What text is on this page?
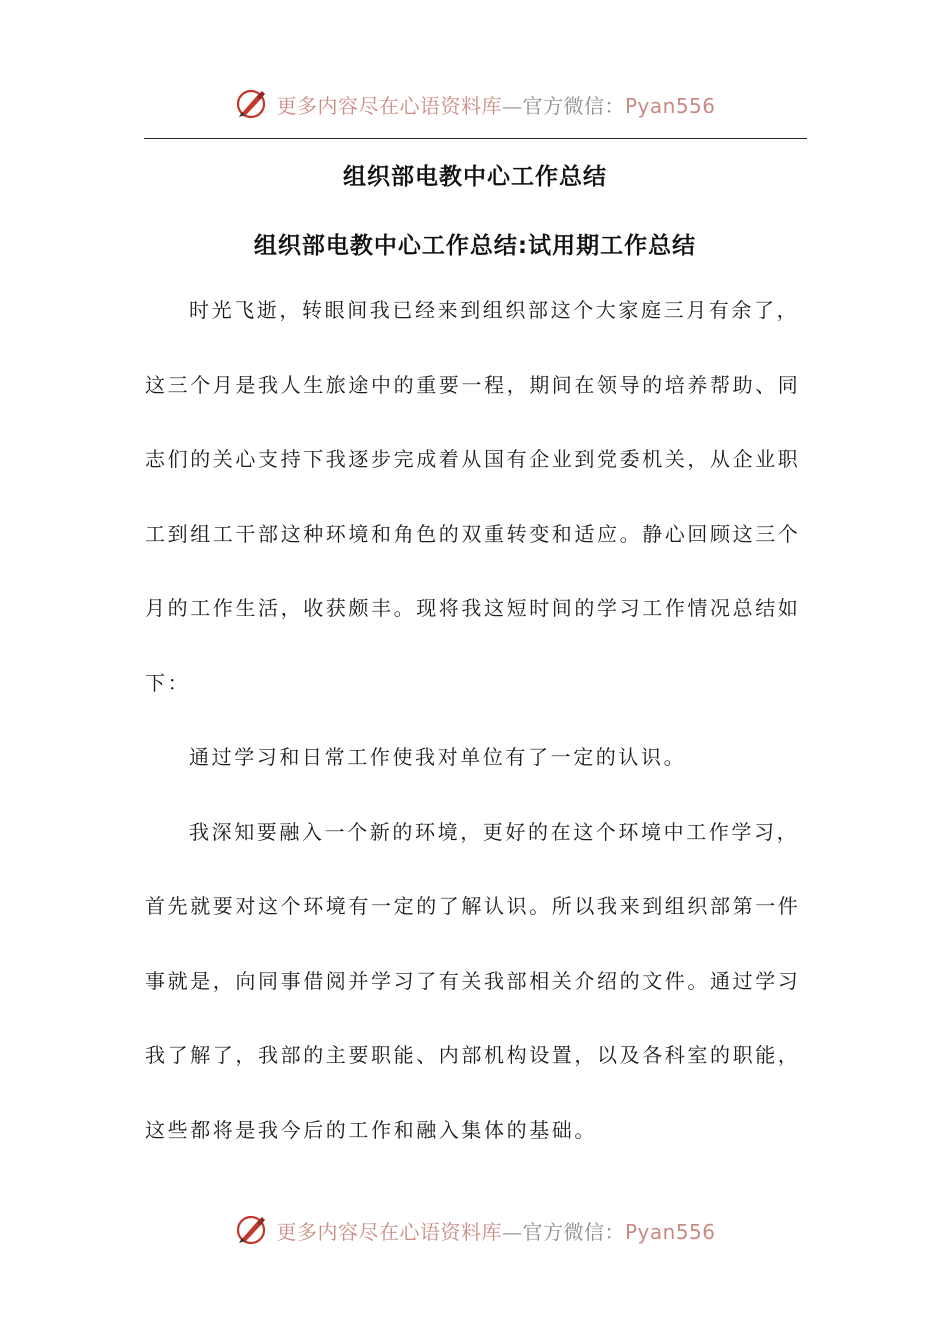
更多内容尽在心语资料库—官方微信：Pyan556
组织部电教中心工作总结
组织部电教中心工作总结:试用期工作总结
时光飞逝，转眼间我已经来到组织部这个大家庭三月有余了，
这三个月是我人生旅途中的重要一程，期间在领导的培养帮助、同
志们的关心支持下我逐步完成着从国有企业到党委机关，从企业职
工到组工干部这种环境和角色的双重转变和适应。静心回顾这三个
月的工作生活，收获颇丰。现将我这短时间的学习工作情况总结如
下：
通过学习和日常工作使我对单位有了一定的认识。
我深知要融入一个新的环境，更好的在这个环境中工作学习，
首先就要对这个环境有一定的了解认识。所以我来到组织部第一件
事就是，向同事借阅并学习了有关我部相关介绍的文件。通过学习
我了解了，我部的主要职能、内部机构设置，以及各科室的职能，
这些都将是我今后的工作和融入集体的基础。
更多内容尽在心语资料库—官方微信：Pyan556
